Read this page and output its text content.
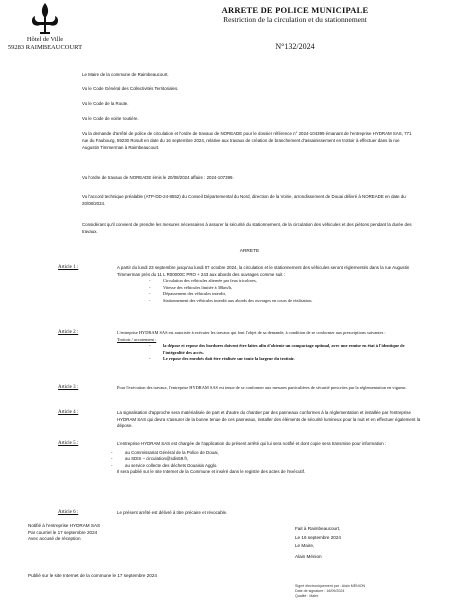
Hôtel de Ville
59283 RAIMBEAUCOURT
ARRETE DE POLICE MUNICIPALE
Restriction de la circulation et du stationnement
N°132/2024
Le Maire de la commune de Raimbeaucourt.
Vu le Code Général des Collectivités Territoriales.
Vu le Code de la Route.
Vu le Code de voirie routière.
Vu la demande d'arrêté de police de circulation et l'ordre de travaux de NOREADE pour le dossier référence n° 2024-104399 émanant de l'entreprise HYDRAM SAS, 771 rue du Faubourg, 59230 Rosult en date du 16 septembre 2024, relative aux travaux de création de branchement d'assainissement en trottoir à effectuer dans la rue Augustin Timmerman à Raimbeaucourt.
Vu l'ordre de travaux de NOREADE émis le 20/08/2024 affaire : 2024-107399.
Vu l'accord technique préalable (ATP-DD-24-8552) du Conseil Départemental du Nord, direction de la Voirie, arrondissement de Douai délivré à NOREADE en date du 20/08/2024.
Considérant qu'il convient de prendre les mesures nécessaires à assurer la sécurité du stationnement, de la circulation des véhicules et des piétons pendant la durée des travaux.
ARRETE
Article 1 :	A partir du lundi 23 septembre jusqu'au lundi 07 octobre 2024, la circulation et le stationnement des véhicules seront réglementés dans la rue Augustin Timmerman près du 11 L R00000C PRO + 243 aux abords des ouvrages comme suit :
- Circulation des véhicules alternée par feux tricolores,
- Vitesse des véhicules limitée à 30km/h,
- Dépassement des véhicules interdit,
- Stationnement des véhicules interdit aux abords des ouvrages en cours de réalisation.
Article 2 :	L'entreprise HYDRAM SAS est autorisée à exécuter les travaux qui font l'objet de sa demande, à condition de se conformer aux prescriptions suivantes :
Trottoir / accotement :
- la dépose et repose des bordures doivent être faites afin d'obtenir un compactage optimal, avec une remise en état à l'identique de l'intégralité des accès.
- Le repose des enrobés doit être réalisée sur toute la largeur du trottoir.
Article 3 :	Pour l'exécution des travaux, l'entreprise HYDRAM SAS est tenue de se conformer aux mesures particulières de sécurité prescrites par la réglementation en vigueur.
Article 4 :	La signalisation d'approche sera matérialisée de part et d'autre du chantier par des panneaux conformes à la réglementation et installée par l'entreprise HYDRAM SAS qui devra s'assurer de la bonne tenue de ces panneaux, installer des éléments de sécurité lumineux pour la nuit et en effectuer également la dépose.
Article 5 :	L'entreprise HYDRAM SAS est chargée de l'application du présent arrêté qui lui sera notifié et dont copie sera transmise pour information :
- au Commissariat Général de la Police de Douai,
- au SDIS – circulation@sdis59.fr,
- au service collecte des déchets Douaisis Agglo.
Il sera publié sur le site Internet de la Commune et inséré dans le registre des actes de l'exécutif.
Article 6 :	Le présent arrêté est délivré à titre précaire et révocable.
Notifié à l'entreprise HYDRAM SAS
Par courriel le 17 septembre 2024
Avec accusé de réception
Fait à Raimbeaucourt,
Le 16 septembre 2024
Le Maire,
Alain Ménion
Publié sur le site Internet de la commune le 17 septembre 2024
Signé électroniquement par : Alain MÉNION
Date de signature : 16/09/2024
Qualité : Maire
